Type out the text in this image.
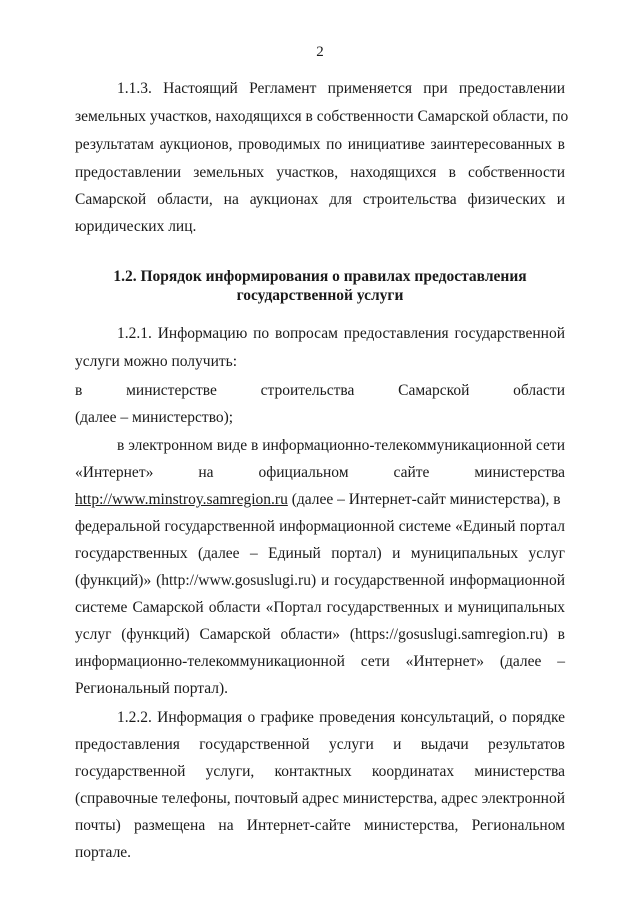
2
1.1.3. Настоящий Регламент применяется при предоставлении
земельных участков, находящихся в собственности Самарской области, по
результатам аукционов, проводимых по инициативе заинтересованных в
предоставлении земельных участков, находящихся в собственности
Самарской области, на аукционах для строительства физических и
юридических лиц.
1.2. Порядок информирования о правилах предоставления
государственной услуги
1.2.1. Информацию по вопросам предоставления государственной
услуги можно получить:
в министерстве строительства Самарской области
(далее – министерство);
в электронном виде в информационно-телекоммуникационной сети
«Интернет» на официальном сайте министерства
http://www.minstroy.samregion.ru (далее – Интернет-сайт министерства), в
федеральной государственной информационной системе «Единый портал
государственных (далее – Единый портал) и муниципальных услуг
(функций)» (http://www.gosuslugi.ru) и государственной информационной
системе Самарской области «Портал государственных и муниципальных
услуг (функций) Самарской области» (https://gosuslugi.samregion.ru) в
информационно-телекоммуникационной сети «Интернет» (далее –
Региональный портал).
1.2.2. Информация о графике проведения консультаций, о порядке
предоставления государственной услуги и выдачи результатов
государственной услуги, контактных координатах министерства
(справочные телефоны, почтовый адрес министерства, адрес электронной
почты) размещена на Интернет-сайте министерства, Региональном
портале.
